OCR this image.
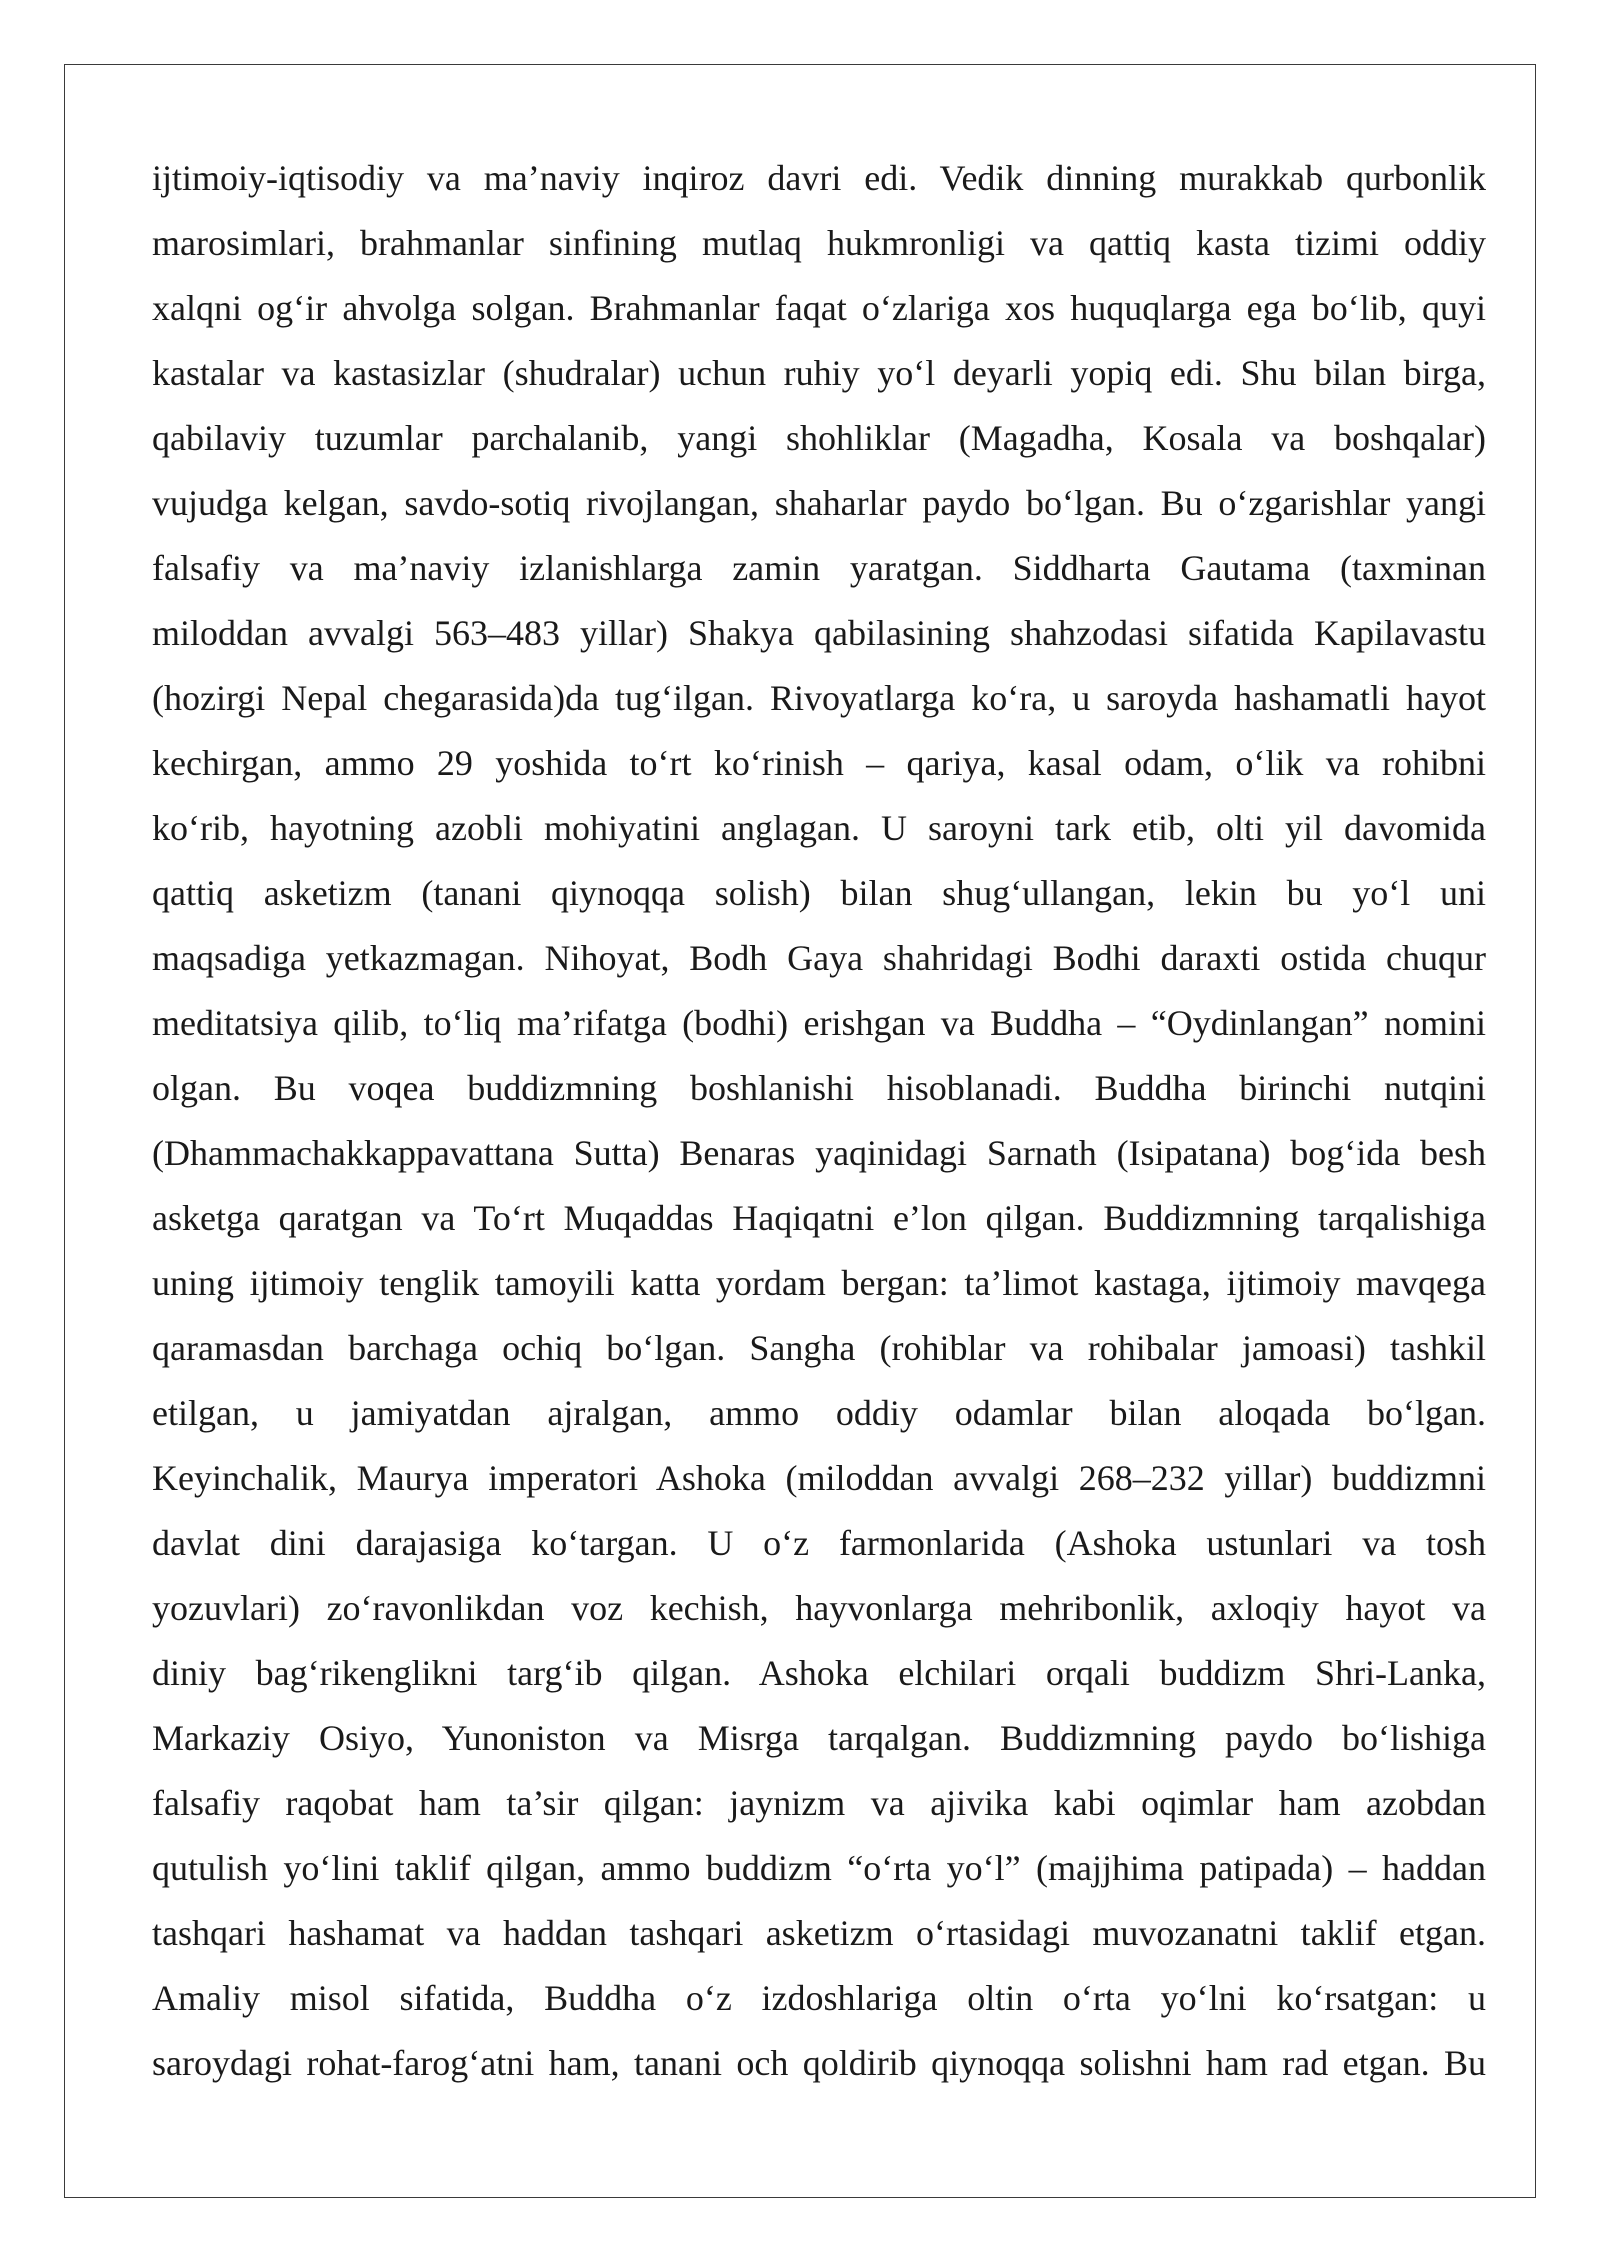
ijtimoiy-iqtisodiy va ma’naviy inqiroz davri edi. Vedik dinning murakkab qurbonlik
marosimlari, brahmanlar sinfining mutlaq hukmronligi va qattiq kasta tizimi oddiy
xalqni og‘ir ahvolga solgan. Brahmanlar faqat o‘zlariga xos huquqlarga ega bo‘lib, quyi
kastalar va kastasizlar (shudralar) uchun ruhiy yo‘l deyarli yopiq edi. Shu bilan birga,
qabilaviy tuzumlar parchalanib, yangi shohliklar (Magadha, Kosala va boshqalar)
vujudga kelgan, savdo-sotiq rivojlangan, shaharlar paydo bo‘lgan. Bu o‘zgarishlar yangi
falsafiy va ma’naviy izlanishlarga zamin yaratgan. Siddharta Gautama (taxminan
miloddan avvalgi 563–483 yillar) Shakya qabilasining shahzodasi sifatida Kapilavastu
(hozirgi Nepal chegarasida)da tug‘ilgan. Rivoyatlarga ko‘ra, u saroyda hashamatli hayot
kechirgan, ammo 29 yoshida to‘rt ko‘rinish – qariya, kasal odam, o‘lik va rohibni
ko‘rib, hayotning azobli mohiyatini anglagan. U saroyni tark etib, olti yil davomida
qattiq asketizm (tanani qiynoqqa solish) bilan shug‘ullangan, lekin bu yo‘l uni
maqsadiga yetkazmagan. Nihoyat, Bodh Gaya shahridagi Bodhi daraxti ostida chuqur
meditatsiya qilib, to‘liq ma’rifatga (bodhi) erishgan va Buddha – “Oydinlangan” nomini
olgan. Bu voqea buddizmning boshlanishi hisoblanadi. Buddha birinchi nutqini
(Dhammachakkappavattana Sutta) Benaras yaqinidagi Sarnath (Isipatana) bog‘ida besh
asketga qaratgan va To‘rt Muqaddas Haqiqatni e’lon qilgan. Buddizmning tarqalishiga
uning ijtimoiy tenglik tamoyili katta yordam bergan: ta’limot kastaga, ijtimoiy mavqega
qaramasdan barchaga ochiq bo‘lgan. Sangha (rohiblar va rohibalar jamoasi) tashkil
etilgan, u jamiyatdan ajralgan, ammo oddiy odamlar bilan aloqada bo‘lgan.
Keyinchalik, Maurya imperatori Ashoka (miloddan avvalgi 268–232 yillar) buddizmni
davlat dini darajasiga ko‘targan. U o‘z farmonlarida (Ashoka ustunlari va tosh
yozuvlari) zo‘ravonlikdan voz kechish, hayvonlarga mehribonlik, axloqiy hayot va
diniy bag‘rikenglikni targ‘ib qilgan. Ashoka elchilari orqali buddizm Shri-Lanka,
Markaziy Osiyo, Yunoniston va Misrga tarqalgan. Buddizmning paydo bo‘lishiga
falsafiy raqobat ham ta’sir qilgan: jaynizm va ajivika kabi oqimlar ham azobdan
qutulish yo‘lini taklif qilgan, ammo buddizm “o‘rta yo‘l” (majjhima patipada) – haddan
tashqari hashamat va haddan tashqari asketizm o‘rtasidagi muvozanatni taklif etgan.
Amaliy misol sifatida, Buddha o‘z izdoshlariga oltin o‘rta yo‘lni ko‘rsatgan: u
saroydagi rohat-farog‘atni ham, tanani och qoldirib qiynoqqa solishni ham rad etgan. Bu
